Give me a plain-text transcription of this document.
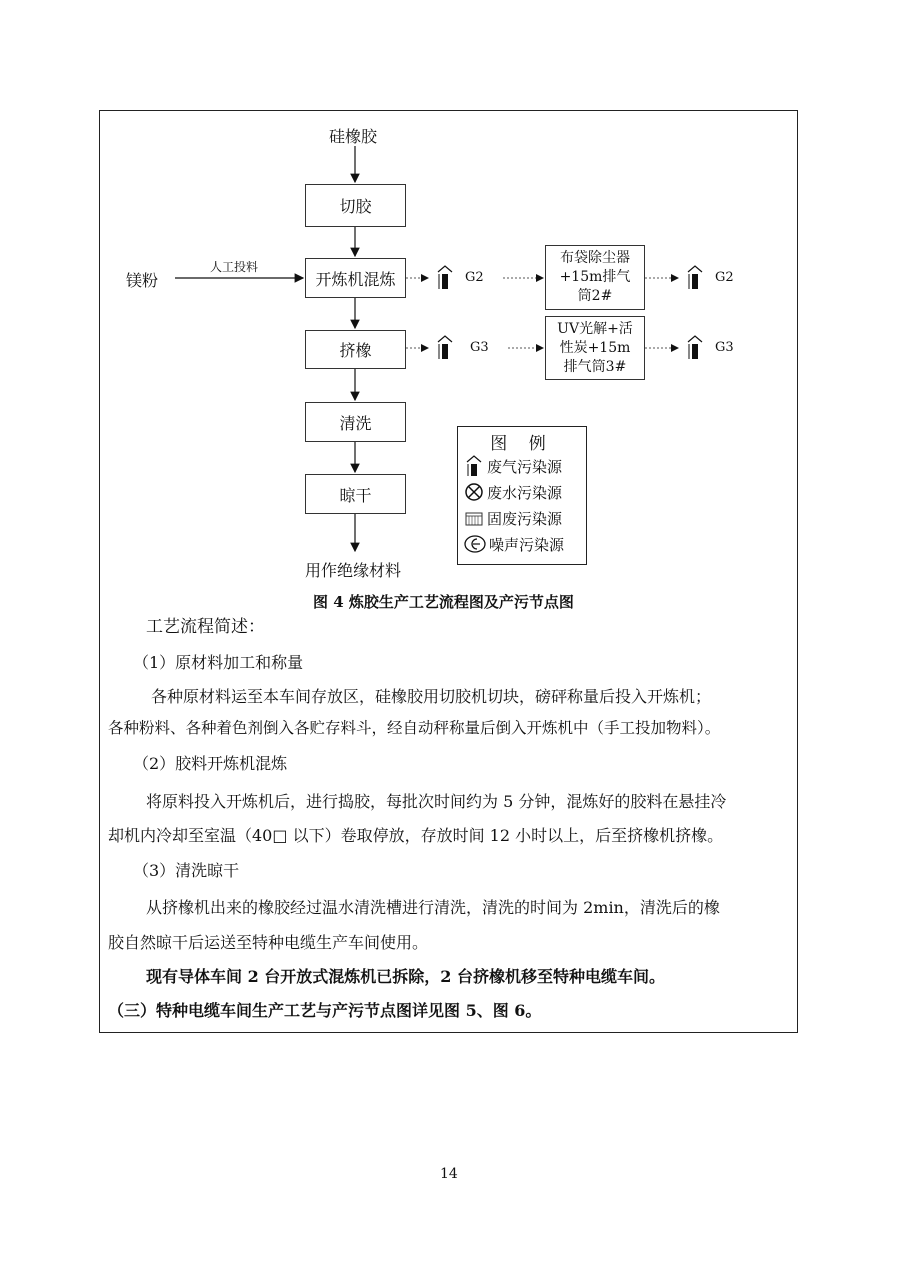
硅橡胶
镁粉
人工投料
切胶
开炼机混炼
挤橡
清洗
晾干
用作绝缘材料
G2	G2
G3	G3
布袋除尘器
+15m排气
筒2#
UV光解+活
性炭+15m
排气筒3#
图 例
废气污染源
废水污染源
固废污染源
噪声污染源
图 4 炼胶生产工艺流程图及产污节点图
工艺流程简述：
（1）原材料加工和称量
各种原材料运至本车间存放区，硅橡胶用切胶机切块，磅砰称量后投入开炼机；
各种粉料、各种着色剂倒入各贮存料斗，经自动秤称量后倒入开炼机中（手工投加物料）。
（2）胶料开炼机混炼
将原料投入开炼机后，进行捣胶，每批次时间约为 5 分钟，混炼好的胶料在悬挂冷
却机内冷却至室温（40□ 以下）卷取停放，存放时间 12 小时以上，后至挤橡机挤橡。
（3）清洗晾干
从挤橡机出来的橡胶经过温水清洗槽进行清洗，清洗的时间为 2min，清洗后的橡
胶自然晾干后运送至特种电缆生产车间使用。
现有导体车间 2 台开放式混炼机已拆除，2 台挤橡机移至特种电缆车间。
（三）特种电缆车间生产工艺与产污节点图详见图 5、图 6。
14
